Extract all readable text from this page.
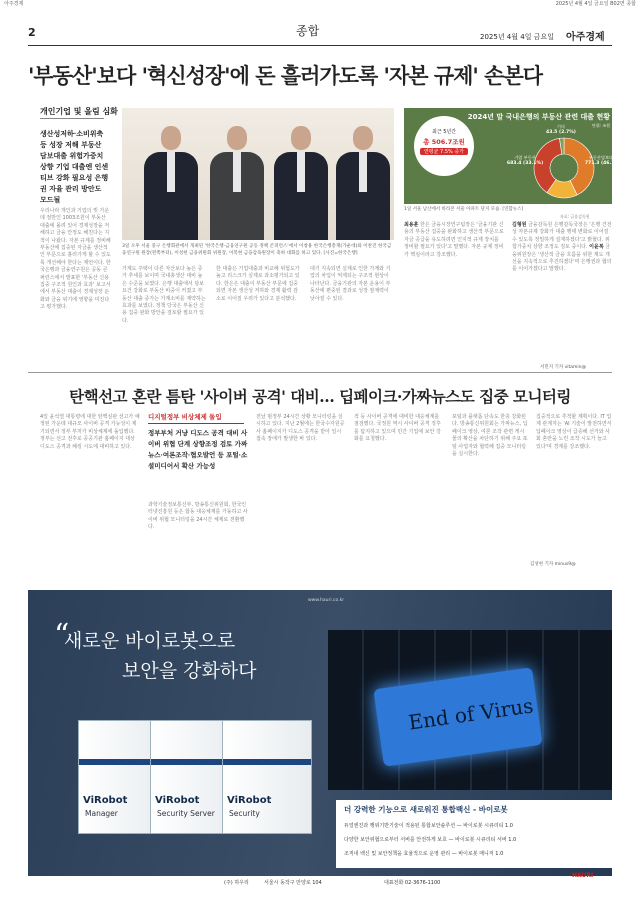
아주경제	2025년 4월 4일 금요일 B02면 종합
2	종합	2025년 4월 4일 금요일 아주경제
'부동산'보다 '혁신성장'에 돈 흘러가도록 '자본 규제' 손본다
개인기업 및 올림 심화
생산성저하·소비위축 등 성장 저해 부동산 담보대출 위험가중치 상향 기업 대출엔 인센티브 강화 필요성 은행권 자율 관리 방안도 모드될
우리나라 개인과 기업의 빚 가운데 절반인 1003조원이 부동산 대출에 몰려 있어 경제성장을 저해하고 금융 안정도 해친다는 지적이 나왔다. 자본 규제를 정비해 부동산에 집중된 자금을 생산적인 부문으로 흘러가게 할 수 있도록 개선해야 한다는 제언이다. 한국은행과 금융연구원은 공동 콘퍼런스에서 발표한 '부동산 신용집중 구조적 원인과 효과' 보고서에서 부동산 대출이 경제성장 둔화와 금융 위기에 영향을 미친다고 평가했다.
3일 오후 서울 중구 은행회관에서 개최된 '한국은행-금융연구원 공동 정책 콘퍼런스'에서 이창용 한국은행총재(가운데)와 이찬진 한국금융연구원 원장(왼쪽부터), 이성헌 금융위원회 위원장, 이복현 금융감독원장이 축하 대화를 하고 있다. [사진=한국은행]
가계도 주택이 다른 자산보다 높은 증가 추세를 보이며 국내총생산 대비 높은 수준을 보였다. 은행 대출에서 담보 요건 강화로 부동산 비중이 커졌고 부동산 대출 증가는 가계소비를 제약하는 효과를 보였다. 정책 당국은 부동산 신용 집중 완화 방안을 검토할 필요가 있다.
한 대출은 기업대출과 비교해 위험도가 높고 리스크가 실제로 과소평가되고 있다. 한은은 대출이 부동산 부문에 집중되면 자본 생산성 저하와 경제 활력 감소로 이어질 우려가 있다고 분석했다.
대기 지속되면 실제로 인한 가계와 기업의 차입이 억제되는 구조적 현상이 나타난다. 금융기관의 자본 운용이 부동산에 편중된 결과로 성장 잠재력이 낮아질 수 있다.
2024년 말 국내은행의 부동산 관련 대출 현황
최근 5년간
총 506.7조원
연평균 7.5% 증가
단위: 조원
부동산담보대출
771.3 (46.1%)
부동산PF
304.1 (18.1%)
기업 부동산
683.4 (33.1%)
기타
43.5 (2.7%)
1일 서울 남산에서 바라본 서울 아파트 단지 모습. [연합뉴스]
자료: 금융감독원
최용훈 한은 금융시장연구팀장은 '금융기관 신용의 부동산 집중을 완화하고 생산적 부문으로 자금 공급을 유도하려면 인지적 규제 장치를 정비할 필요가 있다'고 말했다. 자본 규제 정비가 핵심이라고 강조했다.
김형원 금융감독원 은행감독국장은 '은행 건전성 자본규제 강화가 대출 행태 변화로 이어질 수 있도록 정밀하게 설계하겠다'고 밝혔다. 위험가중치 상향 조정도 검토 중이다. 이윤복 금융위원장은 '생산적 금융 흐름을 위한 제도 개선을 지속적으로 추진하겠다'며 은행권과 협의를 이어가겠다고 말했다.
서민지 기자 vitamin@
탄핵선고 혼란 틈탄 '사이버 공격' 대비… 딥페이크·가짜뉴스도 집중 모니터링
4일 윤석열 대통령에 대한 탄핵심판 선고가 예정된 가운데 대규모 사이버 공격 가능성이 제기되면서 정부 부처가 비상체제에 돌입했다. 정부는 선고 전후로 공공기관 홈페이지 대상 디도스 공격과 해킹 시도에 대비하고 있다.
디지털정부 비상체제 돌입
정부부처 거냥 디도스 공격 대비 사이버 위협 단계 상향조정 검토 가짜뉴스·여론조작·협오발언 등 포털·소셜미디어서 확산 가능성
과학기술정보통신부, 방송통신위원회, 한국인터넷진흥원 등은 합동 대응체계를 가동하고 사이버 위협 모니터링을 24시간 체제로 전환했다.
전날 범정부 24시간 상황 모니터링을 실시하고 있다. 지난 2월에는 한국수자원공사 홈페이지가 디도스 공격을 받아 일시 접속 장애가 발생한 바 있다.
적 등 사이버 공격에 대비한 대응체계를 점검했다. 국정원 역시 사이버 공격 징후를 탐지하고 있으며 민간 기업에 보안 강화를 요청했다.
포털과 플랫폼 단속도 한층 강화된다. 방송통신위원회는 가짜뉴스, 딥페이크 영상, 여론 조작 관련 게시물의 확산을 차단하기 위해 주요 포털 사업자와 협력해 집중 모니터링을 실시한다.
집중적으로 추적할 계획이다. IT 업계 관계자는 'AI 기술이 발전하면서 딥페이크 영상이 급증해 선거와 사회 혼란을 노린 조작 시도가 늘고 있다'며 경계를 강조했다.
김성현 기자 minus9@
www.hauri.co.kr
“
새로운 바이로봇으로
보안을 강화하다
End of Virus
ViRobot
Manager
ViRobot
Security Server
ViRobot
Security	더 강력한 기능으로 새로워진 통합백신 - 바이로봇
듀얼엔진과 행위기반기술이 적용된 통합보안솔루션 — 바이로봇 시큐리티 1.0
다양한 보안위협으로부터 서버를 안전하게 보호 — 바이로봇 시큐리티 서버 1.0
조직내 백신 및 보안정책을 효율적으로 운영 관리 — 바이로봇 매니저 1.0
(주) 하우리	서울시 동작구 만양로 104	대표전화 02-3676-1100
HAURI
